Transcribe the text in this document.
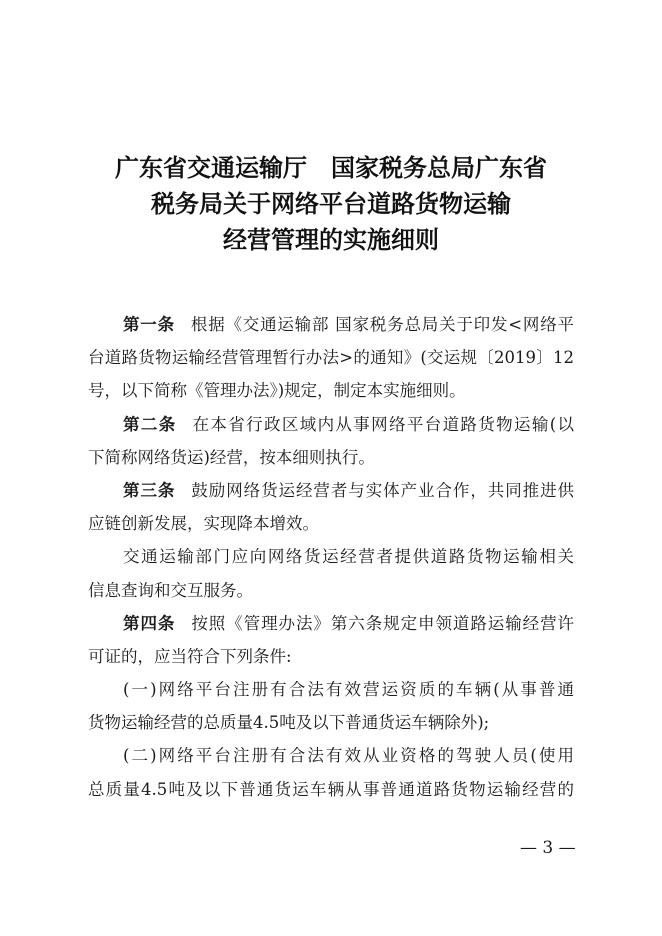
广东省交通运输厅　国家税务总局广东省
税务局关于网络平台道路货物运输
经营管理的实施细则
第一条 根据《交通运输部 国家税务总局关于印发<网络平
台道路货物运输经营管理暂行办法>的通知》(交运规〔2019〕12
号，以下简称《管理办法》)规定，制定本实施细则。
第二条 在本省行政区域内从事网络平台道路货物运输(以
下简称网络货运)经营，按本细则执行。
第三条 鼓励网络货运经营者与实体产业合作，共同推进供
应链创新发展，实现降本增效。
交通运输部门应向网络货运经营者提供道路货物运输相关
信息查询和交互服务。
第四条 按照《管理办法》第六条规定申领道路运输经营许
可证的，应当符合下列条件:
(一)网络平台注册有合法有效营运资质的车辆(从事普通
货物运输经营的总质量4.5吨及以下普通货运车辆除外);
(二)网络平台注册有合法有效从业资格的驾驶人员(使用
总质量4.5吨及以下普通货运车辆从事普通道路货物运输经营的
— 3 —
